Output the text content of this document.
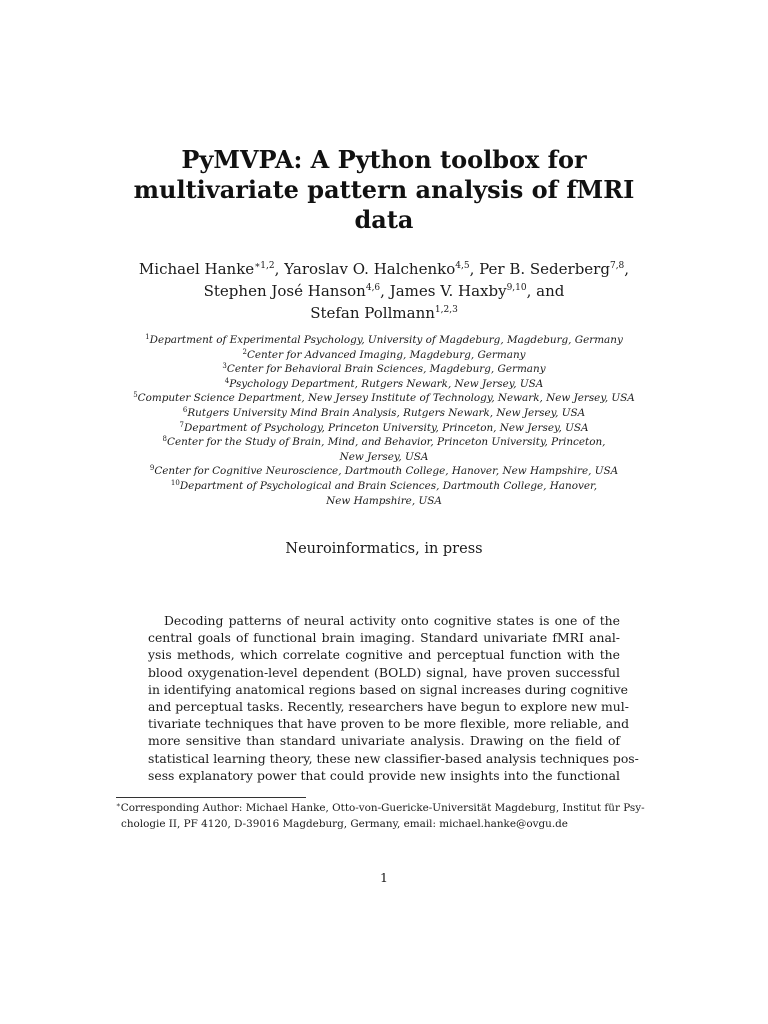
PyMVPA: A Python toolbox for
multivariate pattern analysis of fMRI
data
Michael Hanke$^{∗1,2}$, Yaroslav O. Halchenko$^{4,5}$, Per B. Sederberg$^{7,8}$,
Stephen José Hanson$^{4,6}$, James V. Haxby$^{9,10}$, and
Stefan Pollmann$^{1,2,3}$
$^1$Department of Experimental Psychology, University of Magdeburg, Magdeburg, Germany
$^2$Center for Advanced Imaging, Magdeburg, Germany
$^3$Center for Behavioral Brain Sciences, Magdeburg, Germany
$^4$Psychology Department, Rutgers Newark, New Jersey, USA
$^5$Computer Science Department, New Jersey Institute of Technology, Newark, New Jersey, USA
$^6$Rutgers University Mind Brain Analysis, Rutgers Newark, New Jersey, USA
$^7$Department of Psychology, Princeton University, Princeton, New Jersey, USA
$^8$Center for the Study of Brain, Mind, and Behavior, Princeton University, Princeton,
New Jersey, USA
$^9$Center for Cognitive Neuroscience, Dartmouth College, Hanover, New Hampshire, USA
$^{10}$Department of Psychological and Brain Sciences, Dartmouth College, Hanover,
New Hampshire, USA
Neuroinformatics, in press
Decoding patterns of neural activity onto cognitive states is one of the
central goals of functional brain imaging. Standard univariate fMRI anal-
ysis methods, which correlate cognitive and perceptual function with the
blood oxygenation-level dependent (BOLD) signal, have proven successful
in identifying anatomical regions based on signal increases during cognitive
and perceptual tasks. Recently, researchers have begun to explore new mul-
tivariate techniques that have proven to be more flexible, more reliable, and
more sensitive than standard univariate analysis. Drawing on the field of
statistical learning theory, these new classifier-based analysis techniques pos-
sess explanatory power that could provide new insights into the functional
∗Corresponding Author: Michael Hanke, Otto-von-Guericke-Universität Magdeburg, Institut für Psy-
chologie II, PF 4120, D-39016 Magdeburg, Germany, email: michael.hanke@ovgu.de
1
